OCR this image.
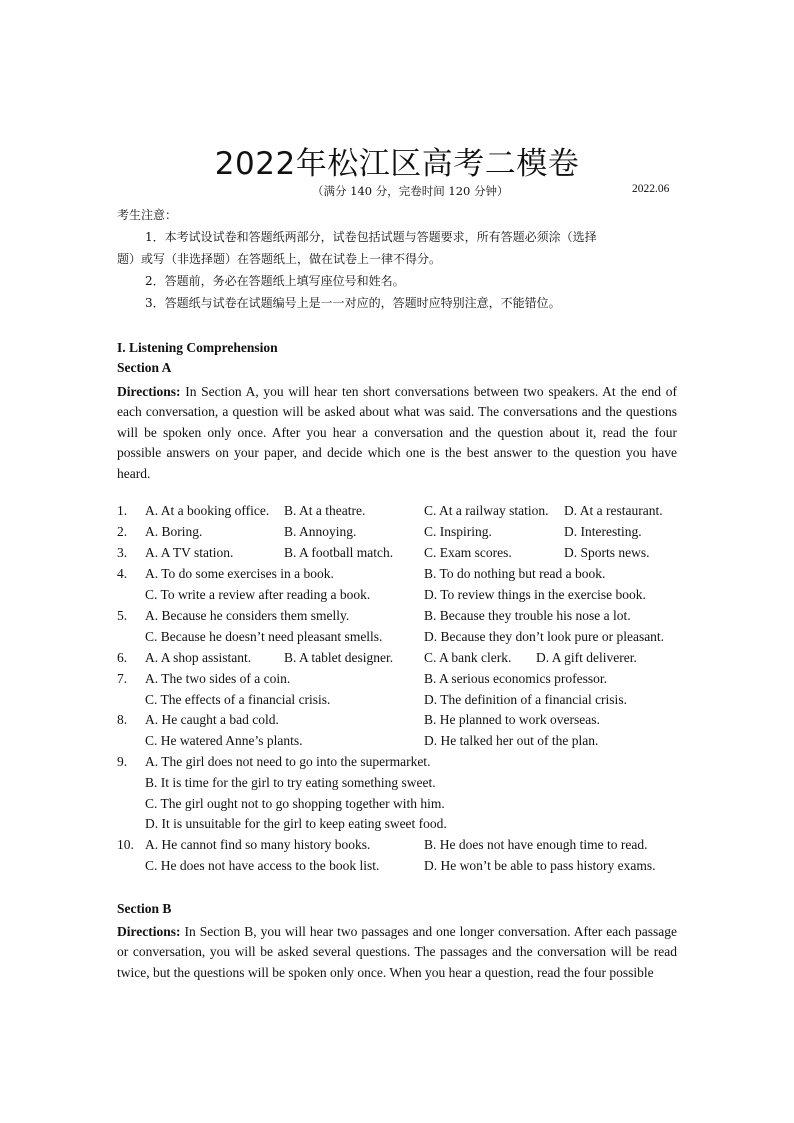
2022年松江区高考二模卷
（满分 140 分，完卷时间 120 分钟）	2022.06
考生注意：
1．本考试设试卷和答题纸两部分，试卷包括试题与答题要求，所有答题必须涂（选择
题）或写（非选择题）在答题纸上，做在试卷上一律不得分。
2．答题前，务必在答题纸上填写座位号和姓名。
3．答题纸与试卷在试题编号上是一一对应的，答题时应特别注意，不能错位。
I. Listening Comprehension
Section A
Directions: In Section A, you will hear ten short conversations between two speakers. At the end of each conversation, a question will be asked about what was said. The conversations and the questions will be spoken only once. After you hear a conversation and the question about it, read the four possible answers on your paper, and decide which one is the best answer to the question you have heard.
1. A. At a booking office. B. At a theatre.	C. At a railway station. D. At a restaurant.
2. A. Boring.	B. Annoying.	C. Inspiring.	D. Interesting.
3. A. A TV station.	B. A football match. C. Exam scores.	D. Sports news.
4. A. To do some exercises in a book.	B. To do nothing but read a book.
C. To write a review after reading a book.	D. To review things in the exercise book.
5. A. Because he considers them smelly.	B. Because they trouble his nose a lot.
C. Because he doesn’t need pleasant smells.	D. Because they don’t look pure or pleasant.
6. A. A shop assistant. B. A tablet designer. C. A bank clerk. D. A gift deliverer.
7. A. The two sides of a coin.	B. A serious economics professor.
C. The effects of a financial crisis.	D. The definition of a financial crisis.
8. A. He caught a bad cold.	B. He planned to work overseas.
C. He watered Anne’s plants.	D. He talked her out of the plan.
9. A. The girl does not need to go into the supermarket.
B. It is time for the girl to try eating something sweet.
C. The girl ought not to go shopping together with him.
D. It is unsuitable for the girl to keep eating sweet food.
10. A. He cannot find so many history books.	B. He does not have enough time to read.
C. He does not have access to the book list.	D. He won’t be able to pass history exams.
Section B
Directions: In Section B, you will hear two passages and one longer conversation. After each passage or conversation, you will be asked several questions. The passages and the conversation will be read twice, but the questions will be spoken only once. When you hear a question, read the four possible
